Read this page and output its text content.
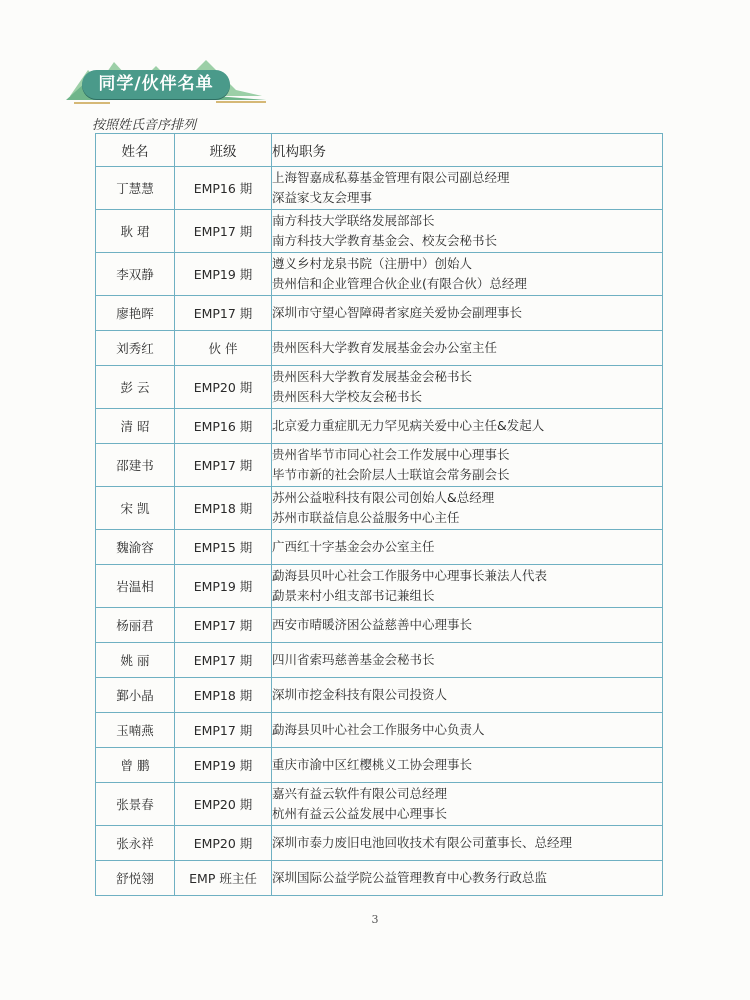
同学/伙伴名单
按照姓氏音序排列
姓名	班级	机构职务
丁慧慧	EMP16 期	上海智嘉成私募基金管理有限公司副总经理
深益家戈友会理事

耿 珺	EMP17 期	南方科技大学联络发展部部长
南方科技大学教育基金会、校友会秘书长

李双静	EMP19 期	遵义乡村龙泉书院（注册中）创始人
贵州信和企业管理合伙企业(有限合伙）总经理

廖艳晖	EMP17 期	深圳市守望心智障碍者家庭关爱协会副理事长

刘秀红	伙 伴	贵州医科大学教育发展基金会办公室主任

彭 云	EMP20 期	贵州医科大学教育发展基金会秘书长
贵州医科大学校友会秘书长

清 昭	EMP16 期	北京爱力重症肌无力罕见病关爱中心主任&发起人

邵建书	EMP17 期	贵州省毕节市同心社会工作发展中心理事长
毕节市新的社会阶层人士联谊会常务副会长

宋 凯	EMP18 期	苏州公益啦科技有限公司创始人&总经理
苏州市联益信息公益服务中心主任

魏渝容	EMP15 期	广西红十字基金会办公室主任

岩温相	EMP19 期	勐海县贝叶心社会工作服务中心理事长兼法人代表
勐景来村小组支部书记兼组长

杨丽君	EMP17 期	西安市晴暖济困公益慈善中心理事长

姚 丽	EMP17 期	四川省索玛慈善基金会秘书长

鄞小晶	EMP18 期	深圳市挖金科技有限公司投资人

玉喃燕	EMP17 期	勐海县贝叶心社会工作服务中心负责人

曾 鹏	EMP19 期	重庆市渝中区红樱桃义工协会理事长

张景春	EMP20 期	嘉兴有益云软件有限公司总经理
杭州有益云公益发展中心理事长

张永祥	EMP20 期	深圳市泰力废旧电池回收技术有限公司董事长、总经理

舒悦翎	EMP 班主任	深圳国际公益学院公益管理教育中心教务行政总监
3
